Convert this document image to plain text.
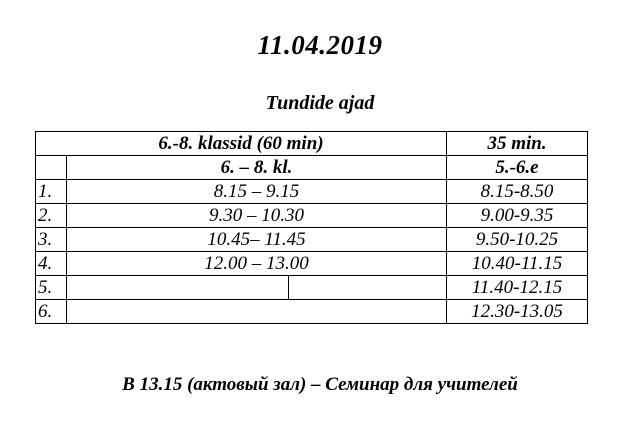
11.04.2019
Tundide ajad
6.-8. klassid (60 min)			35 min.
	6. – 8. kl.		5.-6.e
1.	8.15 – 9.15		8.15-8.50
2.	9.30 – 10.30		9.00-9.35
3.	10.45– 11.45		9.50-10.25
4.	12.00 – 13.00		10.40-11.15
5.			11.40-12.15
6.			12.30-13.05
В 13.15 (актовый зал) – Семинар для учителей
